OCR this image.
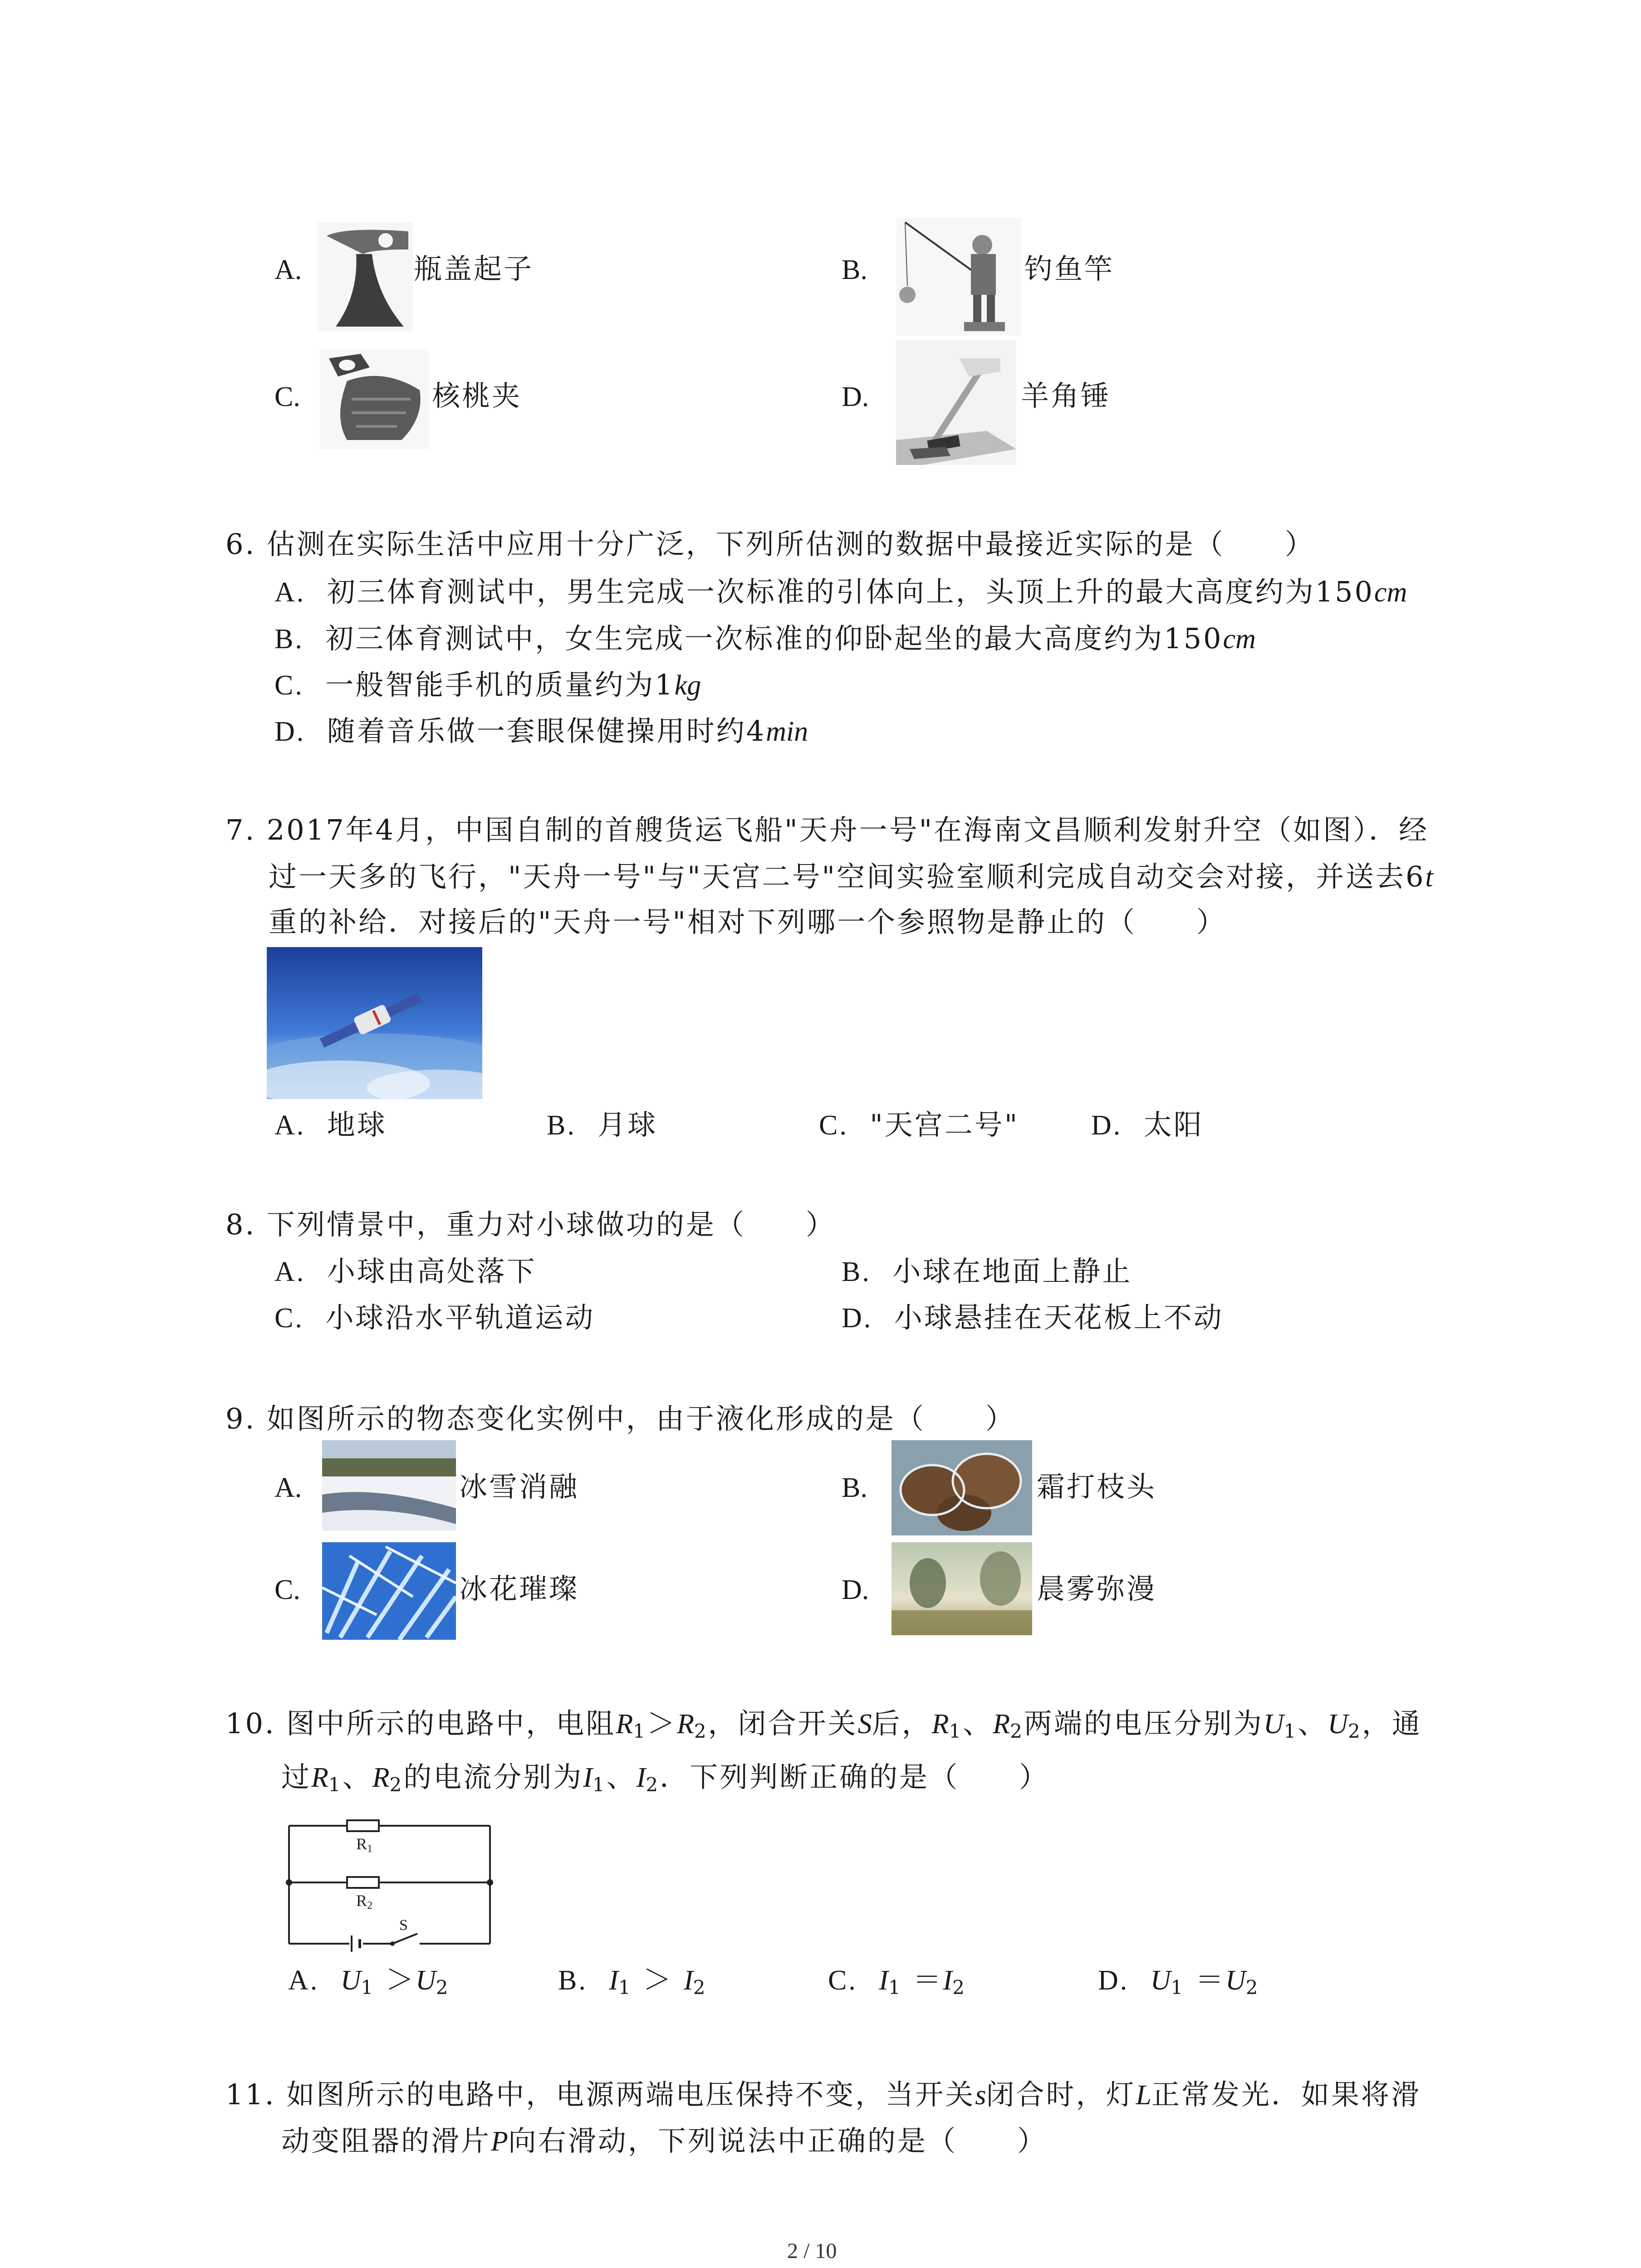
A.	瓶盖起子	B.	钓鱼竿
C.	核桃夹	D.	羊角锤
6. 估测在实际生活中应用十分广泛，下列所估测的数据中最接近实际的是（　　）
A. 初三体育测试中，男生完成一次标准的引体向上，头顶上升的最大高度约为150cm
B. 初三体育测试中，女生完成一次标准的仰卧起坐的最大高度约为150cm
C. 一般智能手机的质量约为1kg
D. 随着音乐做一套眼保健操用时约4min
7. 2017年4月，中国自制的首艘货运飞船"天舟一号"在海南文昌顺利发射升空（如图）．经
过一天多的飞行，"天舟一号"与"天宫二号"空间实验室顺利完成自动交会对接，并送去6t
重的补给．对接后的"天舟一号"相对下列哪一个参照物是静止的（　　）
A. 地球	B. 月球	C. "天宫二号"	D. 太阳
8. 下列情景中，重力对小球做功的是（　　）
A. 小球由高处落下	B. 小球在地面上静止
C. 小球沿水平轨道运动	D. 小球悬挂在天花板上不动
9. 如图所示的物态变化实例中，由于液化形成的是（　　）
A.	冰雪消融	B.	霜打枝头
C.	冰花璀璨	D.	晨雾弥漫
10. 图中所示的电路中，电阻$R_1>R_2$，闭合开关S后，$R_1$、$R_2$两端的电压分别为$U_1$、$U_2$，通
过$R_1$、$R_2$的电流分别为$I_1$、$I_2$．下列判断正确的是（　　）
R1
R2
S
A. $U_1 >U_2$	B. $I_1 > I_2$	C. $I_1 =I_2$	D. $U_1 =U_2$
11. 如图所示的电路中，电源两端电压保持不变，当开关s闭合时，灯L正常发光．如果将滑
动变阻器的滑片P向右滑动，下列说法中正确的是（　　）
2 / 10
